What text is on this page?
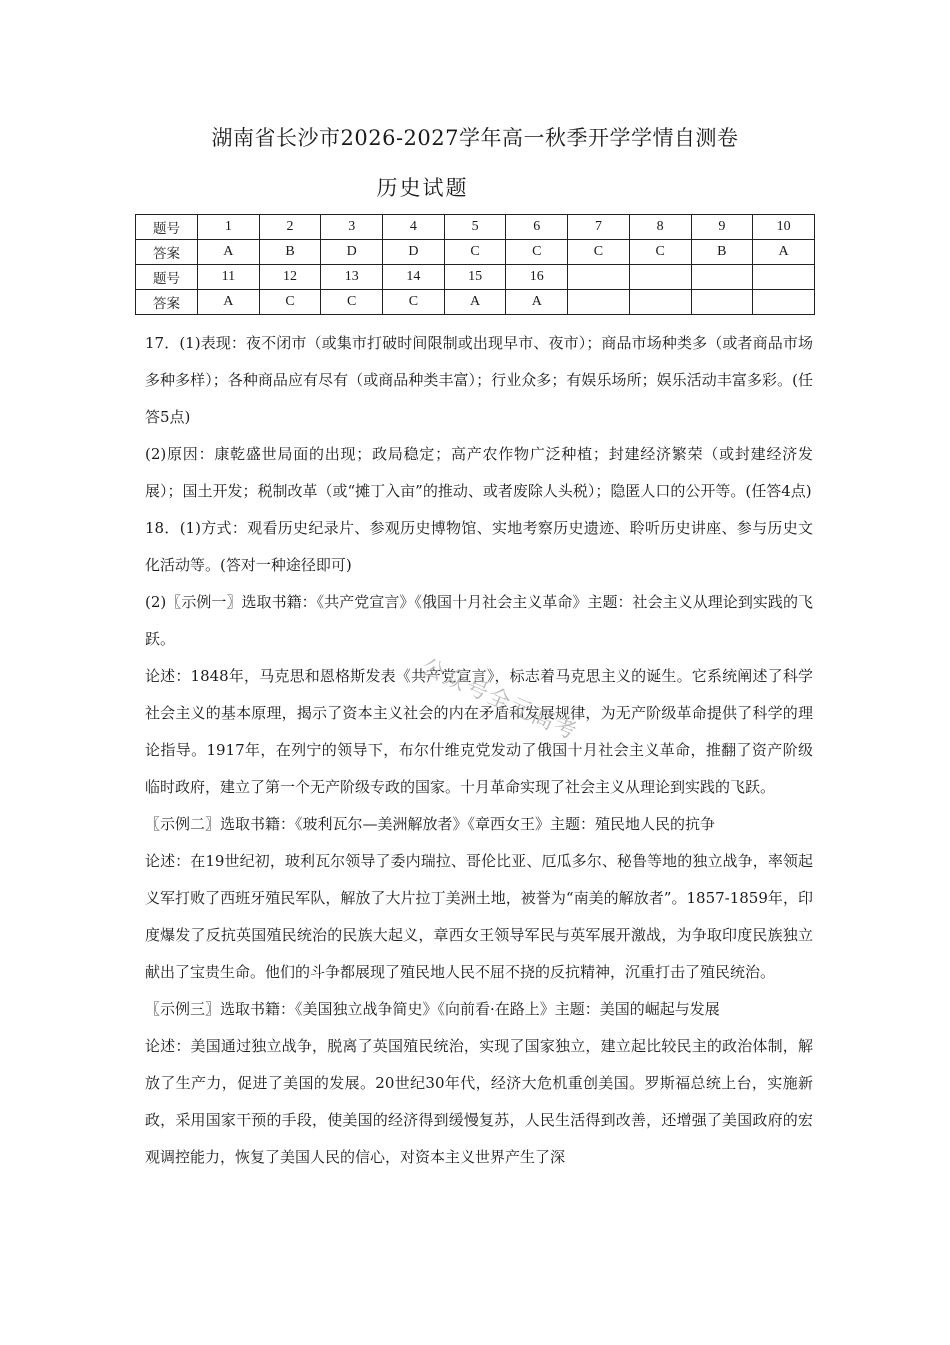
湖南省长沙市2026-2027学年高一秋季开学学情自测卷
历史试题
题号	1	2	3	4	5	6	7	8	9	10
答案	A	B	D	D	C	C	C	C	B	A
题号	11	12	13	14	15	16				
答案	A	C	C	C	A	A				

17．(1)表现：夜不闭市（或集市打破时间限制或出现早市、夜市）；商品市场种类多（或者商品市场多种多样）；各种商品应有尽有（或商品种类丰富）；行业众多；有娱乐场所；娱乐活动丰富多彩。(任答5点)

(2)原因：康乾盛世局面的出现；政局稳定；高产农作物广泛种植；封建经济繁荣（或封建经济发展）；国土开发；税制改革（或“摊丁入亩”的推动、或者废除人头税）；隐匿人口的公开等。(任答4点)

18．(1)方式：观看历史纪录片、参观历史博物馆、实地考察历史遗迹、聆听历史讲座、参与历史文化活动等。(答对一种途径即可)

(2)〖示例一〗选取书籍：《共产党宣言》《俄国十月社会主义革命》主题：社会主义从理论到实践的飞跃。

论述：1848年，马克思和恩格斯发表《共产党宣言》，标志着马克思主义的诞生。它系统阐述了科学社会主义的基本原理，揭示了资本主义社会的内在矛盾和发展规律，为无产阶级革命提供了科学的理论指导。1917年，在列宁的领导下，布尔什维克党发动了俄国十月社会主义革命，推翻了资产阶级临时政府，建立了第一个无产阶级专政的国家。十月革命实现了社会主义从理论到实践的飞跃。

〖示例二〗选取书籍：《玻利瓦尔—美洲解放者》《章西女王》主题：殖民地人民的抗争

论述：在19世纪初，玻利瓦尔领导了委内瑞拉、哥伦比亚、厄瓜多尔、秘鲁等地的独立战争，率领起义军打败了西班牙殖民军队，解放了大片拉丁美洲土地，被誉为“南美的解放者”。1857-1859年，印度爆发了反抗英国殖民统治的民族大起义，章西女王领导军民与英军展开激战，为争取印度民族独立献出了宝贵生命。他们的斗争都展现了殖民地人民不屈不挠的反抗精神，沉重打击了殖民统治。

〖示例三〗选取书籍：《美国独立战争简史》《向前看·在路上》主题：美国的崛起与发展

论述：美国通过独立战争，脱离了英国殖民统治，实现了国家独立，建立起比较民主的政治体制，解放了生产力，促进了美国的发展。20世纪30年代，经济大危机重创美国。罗斯福总统上台，实施新政，采用国家干预的手段，使美国的经济得到缓慢复苏，人民生活得到改善，还增强了美国政府的宏观调控能力，恢复了美国人民的信心，对资本主义世界产生了深

公众号全元高考
